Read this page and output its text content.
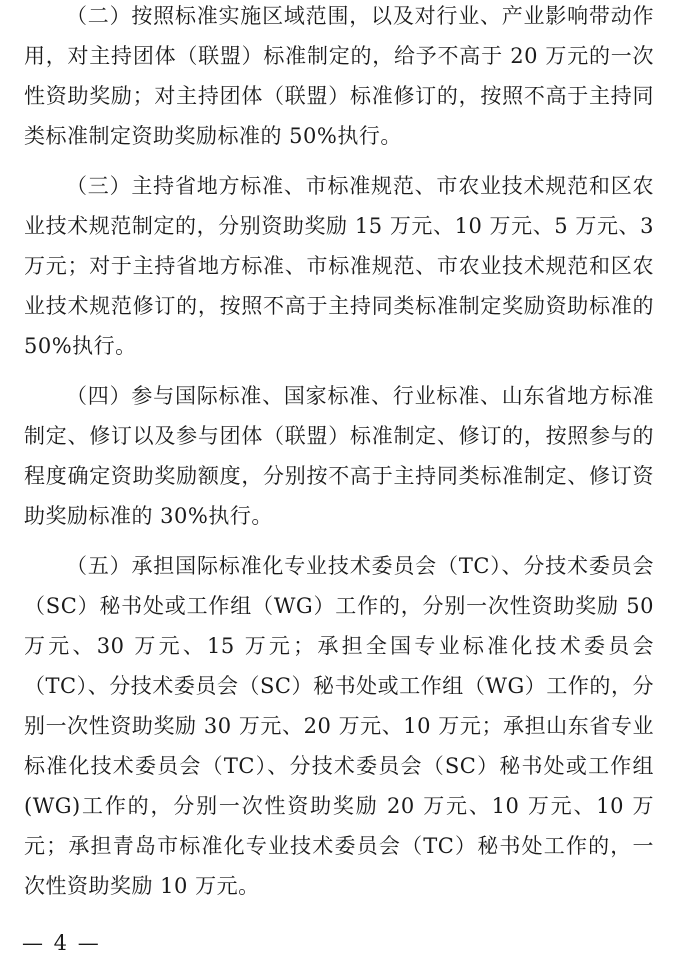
（二）按照标准实施区域范围，以及对行业、产业影响带动作用，对主持团体（联盟）标准制定的，给予不高于 20 万元的一次性资助奖励；对主持团体（联盟）标准修订的，按照不高于主持同类标准制定资助奖励标准的 50%执行。

（三）主持省地方标准、市标准规范、市农业技术规范和区农业技术规范制定的，分别资助奖励 15 万元、10 万元、5 万元、3 万元；对于主持省地方标准、市标准规范、市农业技术规范和区农业技术规范修订的，按照不高于主持同类标准制定奖励资助标准的 50%执行。

（四）参与国际标准、国家标准、行业标准、山东省地方标准制定、修订以及参与团体（联盟）标准制定、修订的，按照参与的程度确定资助奖励额度，分别按不高于主持同类标准制定、修订资助奖励标准的 30%执行。

（五）承担国际标准化专业技术委员会（TC）、分技术委员会（SC）秘书处或工作组（WG）工作的，分别一次性资助奖励 50 万元、30 万元、15 万元；承担全国专业标准化技术委员会（TC）、分技术委员会（SC）秘书处或工作组（WG）工作的，分别一次性资助奖励 30 万元、20 万元、10 万元；承担山东省专业标准化技术委员会（TC）、分技术委员会（SC）秘书处或工作组(WG)工作的，分别一次性资助奖励 20 万元、10 万元、10 万元；承担青岛市标准化专业技术委员会（TC）秘书处工作的，一次性资助奖励 10 万元。

— 4 —
